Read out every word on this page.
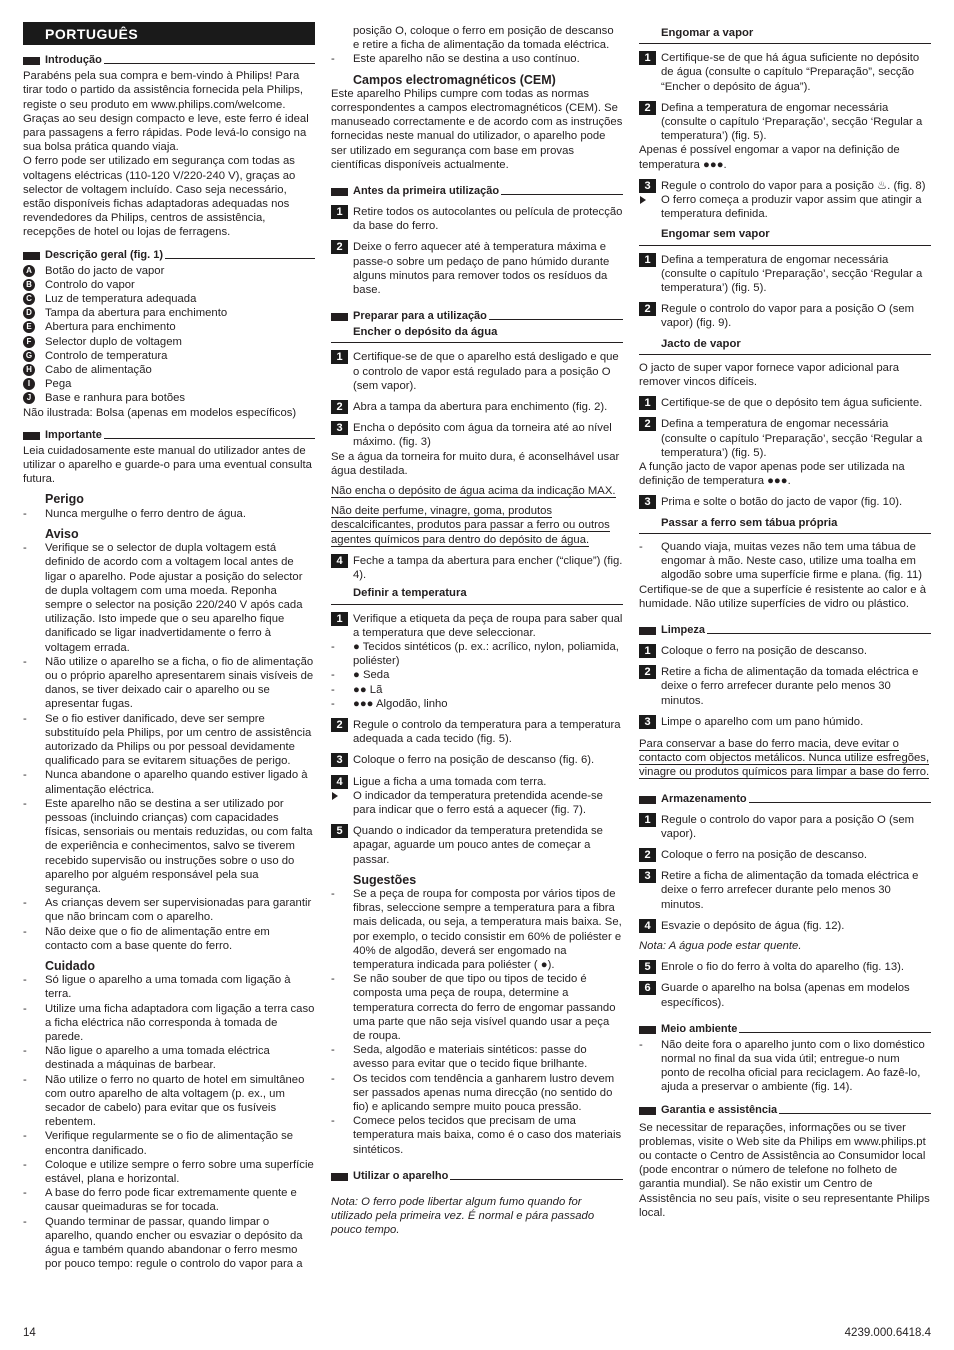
PORTUGUÊS
Introdução

Parabéns pela sua compra e bem-vindo à Philips! Para tirar todo o partido da assistência fornecida pela Philips, registe o seu produto em www.philips.com/welcome.

Graças ao seu design compacto e leve, este ferro é ideal para passagens a ferro rápidas. Pode levá-lo consigo na sua bolsa prática quando viaja.

O ferro pode ser utilizado em segurança com todas as voltagens eléctricas (110-120 V/220-240 V), graças ao selector de voltagem incluído. Caso seja necessário, estão disponíveis fichas adaptadoras adequadas nos revendedores da Philips, centros de assistência, recepções de hotel ou lojas de ferragens.

Descrição geral (fig. 1)
A Botão do jacto de vapor
B Controlo do vapor
C Luz de temperatura adequada
D Tampa da abertura para enchimento
E Abertura para enchimento
F	Selector duplo de voltagem
G Controlo de temperatura
H Cabo de alimentação
I	Pega
J	Base e ranhura para botões

Não ilustrada: Bolsa (apenas em modelos específicos)

Importante

Leia cuidadosamente este manual do utilizador antes de utilizar o aparelho e guarde-o para uma eventual consulta futura.

Perigo
- Nunca mergulhe o ferro dentro de água.
Aviso
- Verifique se o selector de dupla voltagem está definido de acordo com a voltagem local antes de ligar o aparelho. Pode ajustar a posição do selector de dupla voltagem com uma moeda. Reponha sempre o selector na posição 220/240 V após cada utilização. Isto impede que o seu aparelho fique danificado se ligar inadvertidamente o ferro à voltagem errada.
- Não utilize o aparelho se a ficha, o fio de alimentação ou o próprio aparelho apresentarem sinais visíveis de danos, se tiver deixado cair o aparelho ou se apresentar fugas.
- Se o fio estiver danificado, deve ser sempre substituído pela Philips, por um centro de assistência autorizado da Philips ou por pessoal devidamente qualificado para se evitarem situações de perigo.
- Nunca abandone o aparelho quando estiver ligado à alimentação eléctrica.
- Este aparelho não se destina a ser utilizado por pessoas (incluindo crianças) com capacidades físicas, sensoriais ou mentais reduzidas, ou com falta de experiência e conhecimentos, salvo se tiverem recebido supervisão ou instruções sobre o uso do aparelho por alguém responsável pela sua segurança.
- As crianças devem ser supervisionadas para garantir que não brincam com o aparelho.
- Não deixe que o fio de alimentação entre em contacto com a base quente do ferro.
Cuidado
- Só ligue o aparelho a uma tomada com ligação à terra.
- Utilize uma ficha adaptadora com ligação a terra caso a ficha eléctrica não corresponda à tomada de parede.
- Não ligue o aparelho a uma tomada eléctrica destinada a máquinas de barbear.
- Não utilize o ferro no quarto de hotel em simultâneo com outro aparelho de alta voltagem (p. ex., um secador de cabelo) para evitar que os fusíveis rebentem.
- Verifique regularmente se o fio de alimentação se encontra danificado.
- Coloque e utilize sempre o ferro sobre uma superfície estável, plana e horizontal.
- A base do ferro pode ficar extremamente quente e causar queimaduras se for tocada.
- Quando terminar de passar, quando limpar o aparelho, quando encher ou esvaziar o depósito da água e também quando abandonar o ferro mesmo por pouco tempo: regule o controlo do vapor para a
posição O, coloque o ferro em posição de descanso e retire a ficha de alimentação da tomada eléctrica.
- Este aparelho não se destina a uso contínuo.
Campos electromagnéticos (CEM)

Este aparelho Philips cumpre com todas as normas correspondentes a campos electromagnéticos (CEM). Se manuseado correctamente e de acordo com as instruções fornecidas neste manual do utilizador, o aparelho pode ser utilizado em segurança com base em provas científicas disponíveis actualmente.

Antes da primeira utilização
1 Retire todos os autocolantes ou película de protecção da base do ferro.
2 Deixe o ferro aquecer até à temperatura máxima e passe-o sobre um pedaço de pano húmido durante alguns minutos para remover todos os resíduos da base.
Preparar para a utilização
Encher o depósito da água
1 Certifique-se de que o aparelho está desligado e que o controlo de vapor está regulado para a posição O (sem vapor).
2 Abra a tampa da abertura para enchimento (fig. 2).
3 Encha o depósito com água da torneira até ao nível máximo. (fig. 3)

Se a água da torneira for muito dura, é aconselhável usar água destilada.

Não encha o depósito de água acima da indicação MAX.

Não deite perfume, vinagre, goma, produtos descalcificantes, produtos para passar a ferro ou outros agentes químicos para dentro do depósito de água.

4 Feche a tampa da abertura para encher (“clique”) (fig. 4).
Definir a temperatura
1 Verifique a etiqueta da peça de roupa para saber qual a temperatura que deve seleccionar.
- ● Tecidos sintéticos (p. ex.: acrílico, nylon, poliamida, poliéster)
- ● Seda
- ●● Lã
- ●●● Algodão, linho
2 Regule o controlo da temperatura para a temperatura adequada a cada tecido (fig. 5).
3 Coloque o ferro na posição de descanso (fig. 6).
4 Ligue a ficha a uma tomada com terra.
O indicador da temperatura pretendida acende-se para indicar que o ferro está a aquecer (fig. 7).
5 Quando o indicador da temperatura pretendida se apagar, aguarde um pouco antes de começar a passar.
Sugestões
- Se a peça de roupa for composta por vários tipos de fibras, seleccione sempre a temperatura para a fibra mais delicada, ou seja, a temperatura mais baixa. Se, por exemplo, o tecido consistir em 60% de poliéster e 40% de algodão, deverá ser engomado na temperatura indicada para poliéster ( ●).
- Se não souber de que tipo ou tipos de tecido é composta uma peça de roupa, determine a temperatura correcta do ferro de engomar passando uma parte que não seja visível quando usar a peça de roupa.
- Seda, algodão e materiais sintéticos: passe do avesso para evitar que o tecido fique brilhante.
- Os tecidos com tendência a ganharem lustro devem ser passados apenas numa direcção (no sentido do fio) e aplicando sempre muito pouca pressão.
- Comece pelos tecidos que precisam de uma temperatura mais baixa, como é o caso dos materiais sintéticos.
Utilizar o aparelho

Nota: O ferro pode libertar algum fumo quando for utilizado pela primeira vez. É normal e pára passado pouco tempo.

Engomar a vapor
1 Certifique-se de que há água suficiente no depósito de água (consulte o capítulo “Preparação”, secção “Encher o depósito de água”).
2 Defina a temperatura de engomar necessária (consulte o capítulo ‘Preparação’, secção ‘Regular a temperatura’) (fig. 5).

Apenas é possível engomar a vapor na definição de temperatura ●●●.

3 Regule o controlo do vapor para a posição ♨. (fig. 8)
O ferro começa a produzir vapor assim que atingir a temperatura definida.
Engomar sem vapor
1 Defina a temperatura de engomar necessária (consulte o capítulo ‘Preparação’, secção ‘Regular a temperatura’) (fig. 5).
2 Regule o controlo do vapor para a posição O (sem vapor) (fig. 9).
Jacto de vapor

O jacto de super vapor fornece vapor adicional para remover vincos difíceis.

1 Certifique-se de que o depósito tem água suficiente.
2 Defina a temperatura de engomar necessária (consulte o capítulo ‘Preparação’, secção ‘Regular a temperatura’) (fig. 5).

A função jacto de vapor apenas pode ser utilizada na definição de temperatura ●●●.

3 Prima e solte o botão do jacto de vapor (fig. 10).
Passar a ferro sem tábua própria
- Quando viaja, muitas vezes não tem uma tábua de engomar à mão. Neste caso, utilize uma toalha em algodão sobre uma superfície firme e plana. (fig. 11)

Certifique-se de que a superfície é resistente ao calor e à humidade. Não utilize superfícies de vidro ou plástico.

Limpeza
1 Coloque o ferro na posição de descanso.
2 Retire a ficha de alimentação da tomada eléctrica e deixe o ferro arrefecer durante pelo menos 30 minutos.
3 Limpe o aparelho com um pano húmido.

Para conservar a base do ferro macia, deve evitar o contacto com objectos metálicos. Nunca utilize esfregões, vinagre ou produtos químicos para limpar a base do ferro.

Armazenamento
1 Regule o controlo do vapor para a posição O (sem vapor).
2 Coloque o ferro na posição de descanso.
3 Retire a ficha de alimentação da tomada eléctrica e deixe o ferro arrefecer durante pelo menos 30 minutos.
4 Esvazie o depósito de água (fig. 12).

Nota: A água pode estar quente.

5 Enrole o fio do ferro à volta do aparelho (fig. 13).
6 Guarde o aparelho na bolsa (apenas em modelos específicos).
Meio ambiente
- Não deite fora o aparelho junto com o lixo doméstico normal no final da sua vida útil; entregue-o num ponto de recolha oficial para reciclagem. Ao fazê-lo, ajuda a preservar o ambiente (fig. 14).
Garantia e assistência

Se necessitar de reparações, informações ou se tiver problemas, visite o Web site da Philips em www.philips.pt ou contacte o Centro de Assistência ao Consumidor local (pode encontrar o número de telefone no folheto de garantia mundial). Se não existir um Centro de Assistência no seu país, visite o seu representante Philips local.

14	4239.000.6418.4
